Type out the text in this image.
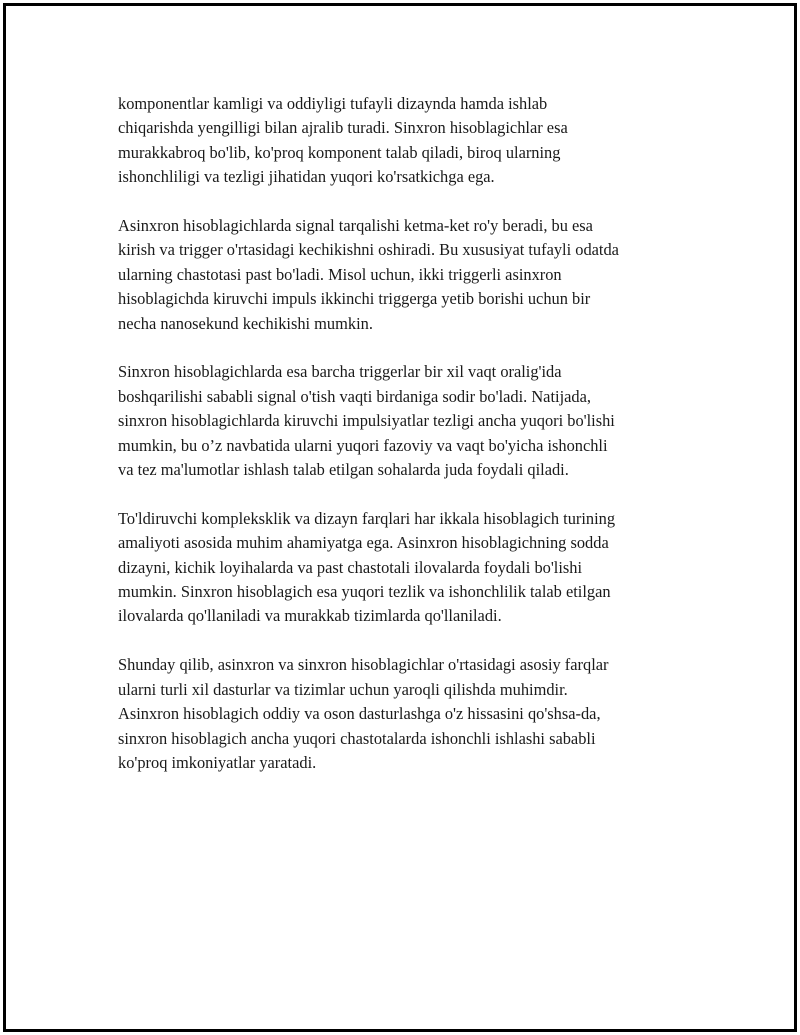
komponentlar kamligi va oddiyligi tufayli dizaynda hamda ishlab
chiqarishda yengilligi bilan ajralib turadi. Sinxron hisoblagichlar esa
murakkabroq bo'lib, ko'proq komponent talab qiladi, biroq ularning
ishonchliligi va tezligi jihatidan yuqori ko'rsatkichga ega.

Asinxron hisoblagichlarda signal tarqalishi ketma-ket ro'y beradi, bu esa
kirish va trigger o'rtasidagi kechikishni oshiradi. Bu xususiyat tufayli odatda
ularning chastotasi past bo'ladi. Misol uchun, ikki triggerli asinxron
hisoblagichda kiruvchi impuls ikkinchi triggerga yetib borishi uchun bir
necha nanosekund kechikishi mumkin.

Sinxron hisoblagichlarda esa barcha triggerlar bir xil vaqt oralig'ida
boshqarilishi sababli signal o'tish vaqti birdaniga sodir bo'ladi. Natijada,
sinxron hisoblagichlarda kiruvchi impulsiyatlar tezligi ancha yuqori bo'lishi
mumkin, bu o’z navbatida ularni yuqori fazoviy va vaqt bo'yicha ishonchli
va tez ma'lumotlar ishlash talab etilgan sohalarda juda foydali qiladi.

To'ldiruvchi kompleksklik va dizayn farqlari har ikkala hisoblagich turining
amaliyoti asosida muhim ahamiyatga ega. Asinxron hisoblagichning sodda
dizayni, kichik loyihalarda va past chastotali ilovalarda foydali bo'lishi
mumkin. Sinxron hisoblagich esa yuqori tezlik va ishonchlilik talab etilgan
ilovalarda qo'llaniladi va murakkab tizimlarda qo'llaniladi.

Shunday qilib, asinxron va sinxron hisoblagichlar o'rtasidagi asosiy farqlar
ularni turli xil dasturlar va tizimlar uchun yaroqli qilishda muhimdir.
Asinxron hisoblagich oddiy va oson dasturlashga o'z hissasini qo'shsa-da,
sinxron hisoblagich ancha yuqori chastotalarda ishonchli ishlashi sababli
ko'proq imkoniyatlar yaratadi.
